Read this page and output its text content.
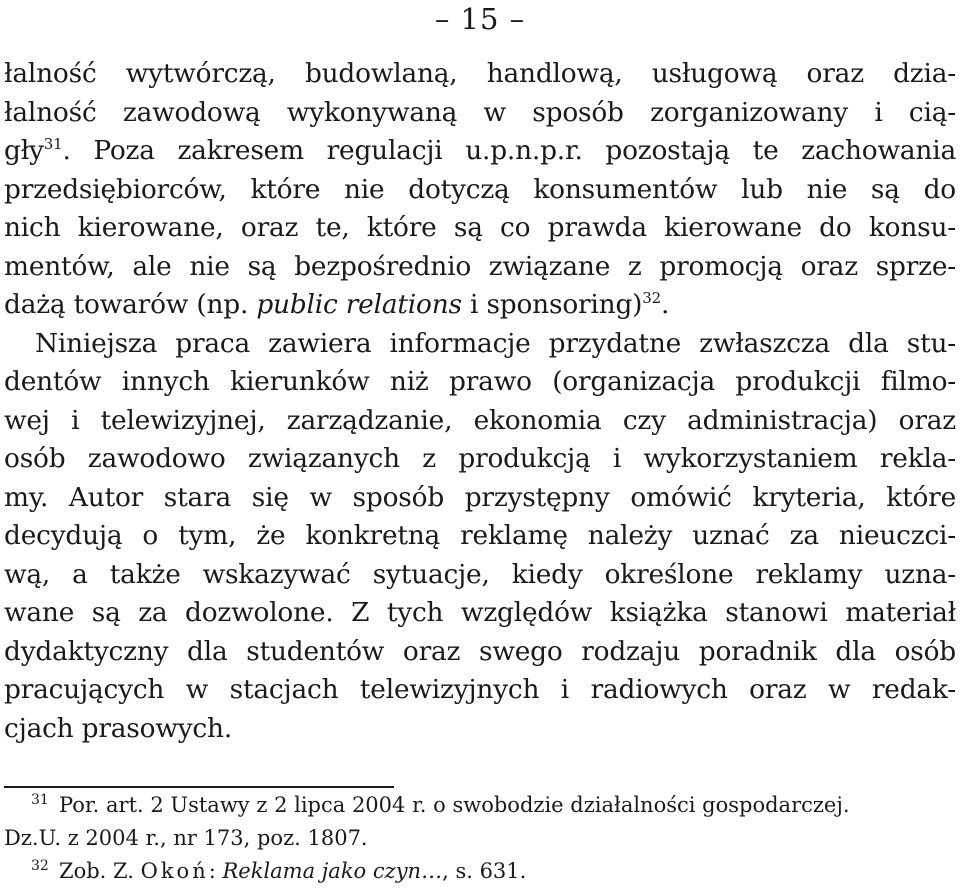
– 15 –
łalność wytwórczą, budowlaną, handlową, usługową oraz dzia-
łalność zawodową wykonywaną w sposób zorganizowany i cią-
gły$^{31}$. Poza zakresem regulacji u.p.n.p.r. pozostają te zachowania
przedsiębiorców, które nie dotyczą konsumentów lub nie są do
nich kierowane, oraz te, które są co prawda kierowane do konsu-
mentów, ale nie są bezpośrednio związane z promocją oraz sprze-
dażą towarów (np. public relations i sponsoring)$^{32}$.
Niniejsza praca zawiera informacje przydatne zwłaszcza dla stu-
dentów innych kierunków niż prawo (organizacja produkcji filmo-
wej i telewizyjnej, zarządzanie, ekonomia czy administracja) oraz
osób zawodowo związanych z produkcją i wykorzystaniem rekla-
my. Autor stara się w sposób przystępny omówić kryteria, które
decydują o tym, że konkretną reklamę należy uznać za nieuczci-
wą, a także wskazywać sytuacje, kiedy określone reklamy uzna-
wane są za dozwolone. Z tych względów książka stanowi materiał
dydaktyczny dla studentów oraz swego rodzaju poradnik dla osób
pracujących w stacjach telewizyjnych i radiowych oraz w redak-
cjach prasowych.
31 Por. art. 2 Ustawy z 2 lipca 2004 r. o swobodzie działalności gospodarczej.
Dz.U. z 2004 r., nr 173, poz. 1807.
32 Zob. Z. Okoń: Reklama jako czyn…, s. 631.
